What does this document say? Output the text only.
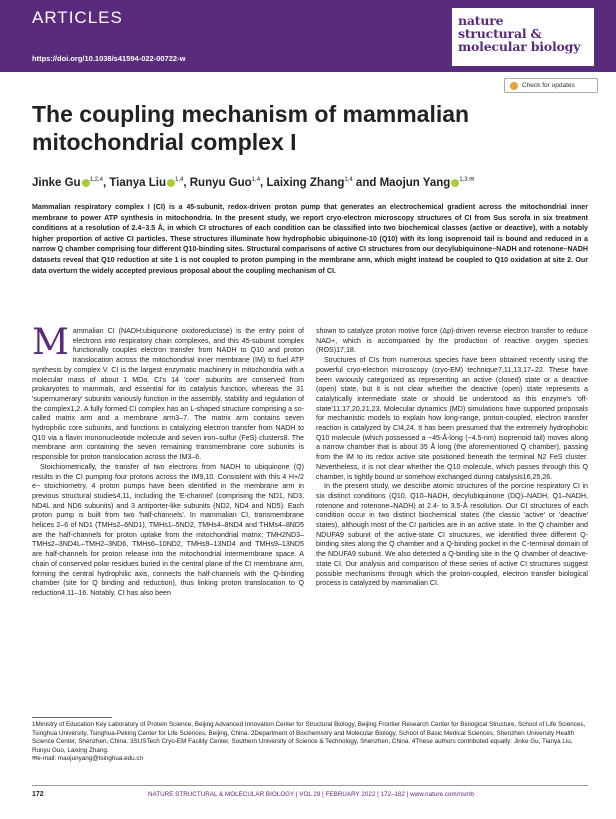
ARTICLES
https://doi.org/10.1038/s41594-022-00722-w
nature
structural &
molecular biology
Check for updates
The coupling mechanism of mammalian mitochondrial complex I
Jinke Gu $^{1,2,4}$, Tianya Liu $^{1,4}$, Runyu Guo$^{1,4}$, Laixing Zhang$^{1,4}$ and Maojun Yang $^{1,3 ✉}$

Mammalian respiratory complex I (CI) is a 45-subunit, redox-driven proton pump that generates an electrochemical gradient across the mitochondrial inner membrane to power ATP synthesis in mitochondria. In the present study, we report cryo-electron microscopy structures of CI from Sus scrofa in six treatment conditions at a resolution of 2.4–3.5 Å, in which CI structures of each condition can be classified into two biochemical classes (active or deactive), with a notably higher proportion of active CI particles. These structures illuminate how hydrophobic ubiquinone-10 (Q10) with its long isoprenoid tail is bound and reduced in a narrow Q chamber comprising four different Q10-binding sites. Structural comparisons of active CI structures from our decylubiquinone–NADH and rotenone–NADH datasets reveal that Q10 reduction at site 1 is not coupled to proton pumping in the membrane arm, which might instead be coupled to Q10 oxidation at site 2. Our data overturn the widely accepted previous proposal about the coupling mechanism of CI.

M ammalian CI (NADH:ubiquinone oxidoreductase) is the entry point of electrons into respiratory chain complexes, and this 45-subunit complex functionally couples electron transfer from NADH to Q10 and proton translocation across the mitochondrial inner membrane (IM) to fuel ATP synthesis by complex V. CI is the largest enzymatic machinery in mitochondria with a molecular mass of about 1 MDa. CI's 14 'core' subunits are conserved from prokaryotes to mammals, and essential for its catalysis function, whereas the 31 'supernumerary' subunits variously function in the assembly, stability and regulation of the complex1,2. A fully formed CI complex has an L-shaped structure comprising a so-called matrix arm and a membrane arm3–7. The matrix arm contains seven hydrophilic core subunits, and functions in catalyzing electron transfer from NADH to Q10 via a flavin mononucleotide molecule and seven iron–sulfur (FeS) clusters8. The membrane arm containing the seven remaining transmembrane core subunits is responsible for proton translocation across the IM3–6.

Stoichiometrically, the transfer of two electrons from NADH to ubiquinone (Q) results in the CI pumping four protons across the IM9,10. Consistent with this 4 H+/2 e− stoichiometry, 4 proton pumps have been identified in the membrane arm in previous structural studies4,11, including the 'E-channel' (comprising the ND1, ND3, ND4L and ND6 subunits) and 3 antiporter-like subunits (ND2, ND4 and ND5). Each proton pump is built from two 'half-channels'. In mammalian CI, transmembrane helices 2–6 of ND1 (TMHs2–6ND1), TMHs1–5ND2, TMHs4–8ND4 and THMs4–8ND5 are the half-channels for proton uptake from the mitochondrial matrix; TMH2ND3–TMHs2–3ND4L–TMH2–3ND6, TMHs6–10ND2, TMHs9–13ND4 and TMHs9–13ND5 are half-channels for proton release into the mitochondrial intermembrane space. A chain of conserved polar residues buried in the central plane of the CI membrane arm, forming the central hydrophilic axis, connects the half-channels with the Q-binding chamber (site for Q binding and reduction), thus linking proton translocation to Q reduction4,11–16. Notably, CI has also been

shown to catalyze proton motive force (Δp)-driven reverse electron transfer to reduce NAD+, which is accompanied by the production of reactive oxygen species (ROS)17,18.

Structures of CIs from numerous species have been obtained recently using the powerful cryo-electron microscopy (cryo-EM) technique7,11,13,17–22. These have been variously categorized as representing an active (closed) state or a deactive (open) state, but it is not clear whether the deactive (open) state represents a catalytically intermediate state or should be understood as this enzyme's 'off-state'11,17,20,21,23. Molecular dynamics (MD) simulations have supported proposals for mechanistic models to explain how long-range, proton-coupled, electron transfer reaction is catalyzed by CI4,24. It has been presumed that the extremely hydrophobic Q10 molecule (which possessed a ~45-Å-long (~4.5-nm) isoprenoid tail) moves along a narrow chamber that is about 35 Å long (the aforementioned Q chamber), passing from the IM to its redox active site positioned beneath the terminal N2 FeS cluster. Nevertheless, it is not clear whether the Q10 molecule, which passes through this Q chamber, is tightly bound or somehow exchanged during catalysis16,25,26.

In the present study, we describe atomic structures of the porcine respiratory CI in six distinct conditions (Q10, Q10–NADH, decylubiquinone (DQ)–NADH, Q1–NADH, rotenone and rotenone–NADH) at 2.4- to 3.5-Å resolution. Our CI structures of each condition occur in two distinct biochemical states (the classic 'active' or 'deactive' states), although most of the CI particles are in an active state. In the Q chamber and NDUFA9 subunit of the active-state CI structures, we identified three different Q-binding sites along the Q chamber and a Q-binding pocket in the C-terminal domain of the NDUFA9 subunit. We also detected a Q-binding site in the Q chamber of deactive-state CI. Our analysis and comparison of these series of active CI structures suggest possible mechanisms through which the proton-coupled, electron transfer biological process is catalyzed by mammalian CI.

1Ministry of Education Key Laboratory of Protein Science, Beijing Advanced Innovation Center for Structural Biology, Beijing Frontier Research Center for Biological Structure, School of Life Sciences, Tsinghua University, Tsinghua-Peking Center for Life Sciences, Beijing, China. 2Department of Biochemistry and Molecular Biology, School of Basic Medical Sciences, Shenzhen University Health Science Center, Shenzhen, China. 3SUSTech Cryo-EM Facility Center, Southern University of Science & Technology, Shenzhen, China. 4These authors contributed equally: Jinke Gu, Tianya Liu, Runyu Guo, Laixing Zhang.
✉e-mail: maojunyang@tsinghua.edu.cn
172	NATURE STRUCTURAL & MOLECULAR BIOLOGY | VOL 29 | FEBRUARY 2022 | 172–182 | www.nature.com/nsmb
